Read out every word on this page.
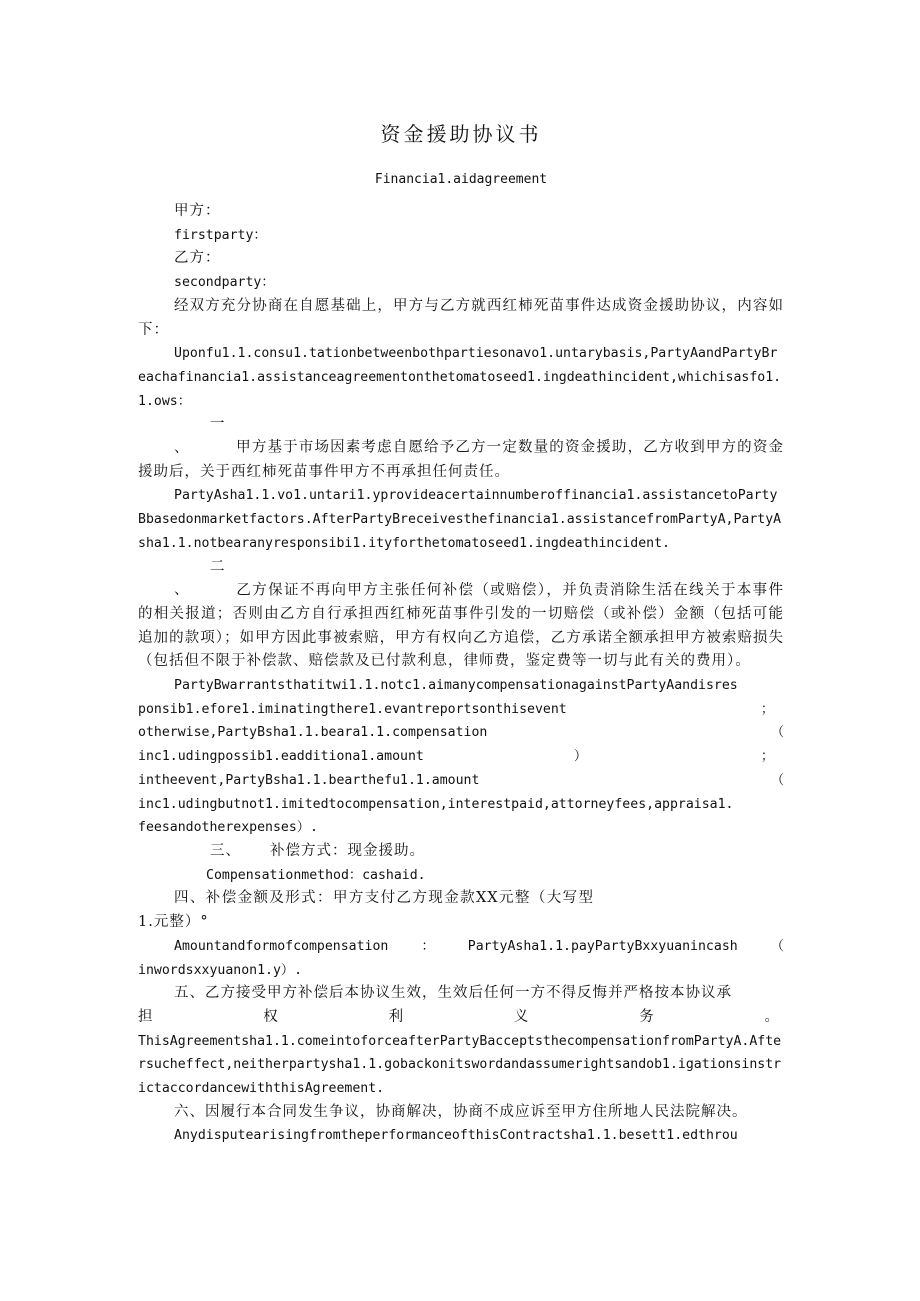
资金援助协议书
Financia1.aidagreement

甲方：

firstparty：

乙方：

secondparty：

经双方充分协商在自愿基础上，甲方与乙方就西红柿死苗事件达成资金援助协议，内容如下：

Uponfu1.1.consu1.tationbetweenbothpartiesonavo1.untarybasis,PartyAandPartyBreachafinancia1.assistanceagreementonthetomatoseed1.ingdeathincident,whichisasfo1.1.ows：

一、	甲方基于市场因素考虑自愿给予乙方一定数量的资金援助，乙方收到甲方的资金援助后，关于西红柿死苗事件甲方不再承担任何责任。

PartyAsha1.1.vo1.untari1.yprovideacertainnumberoffinancia1.assistancetoPartyBbasedonmarketfactors.AfterPartyBreceivesthefinancia1.assistancefromPartyA,PartyAsha1.1.notbearanyresponsibi1.ityforthetomatoseed1.ingdeathincident.

二、	乙方保证不再向甲方主张任何补偿（或赔偿），并负责消除生活在线关于本事件的相关报道；否则由乙方自行承担西红柿死苗事件引发的一切赔偿（或补偿）金额（包括可能追加的款项）；如甲方因此事被索赔，甲方有权向乙方追偿，乙方承诺全额承担甲方被索赔损失（包括但不限于补偿款、赔偿款及已付款利息，律师费，鉴定费等一切与此有关的费用）。

PartyBwarrantsthatitwi1.1.notc1.aimanycompensationagainstPartyAandisres
ponsib1.efore1.iminatingthere1.evantreportsonthisevent	；
otherwise,PartyBsha1.1.beara1.1.compensation	（
inc1.udingpossib1.eadditiona1.amount	）	；
intheevent,PartyBsha1.1.bearthefu1.1.amount	（
inc1.udingbutnot1.imitedtocompensation,interestpaid,attorneyfees,appraisa1.
feesandotherexpenses）.

三、 补偿方式：现金援助。

Compensationmethod：cashaid.

四、补偿金额及形式：甲方支付乙方现金款XX元整（大写型1.元整）°

Amountandformofcompensation	：	PartyAsha1.1.payPartyBxxyuanincash	（
inwordsxxyuanon1.y）.

五、乙方接受甲方补偿后本协议生效，生效后任何一方不得反悔并严格按本协议承

担	权	利	义	务	。

ThisAgreementsha1.1.comeintoforceafterPartyBacceptsthecompensationfromPartyA.Aftersucheffect,neitherpartysha1.1.gobackonitswordandassumerightsandob1.igationsinstrictaccordancewiththisAgreement.

六、因履行本合同发生争议，协商解决，协商不成应诉至甲方住所地人民法院解决。

AnydisputearisingfromtheperformanceofthisContractsha1.1.besett1.edthrou
